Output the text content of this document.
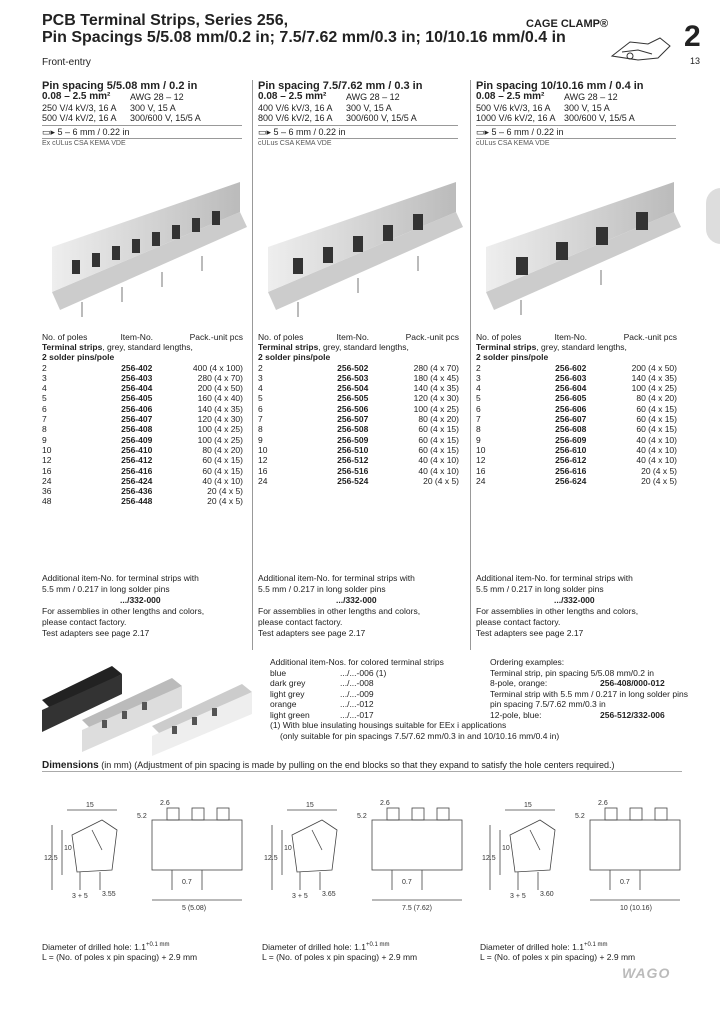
PCB Terminal Strips, Series 256,
Pin Spacings 5/5.08 mm/0.2 in; 7.5/7.62 mm/0.3 in; 10/10.16 mm/0.4 in
Front-entry
CAGE CLAMP®	2
13
Pin spacing 5/5.08 mm / 0.2 in
0.08 – 2.5 mm²	AWG 28 – 12
250 V/4 kV/3, 16 A	300 V, 15 A
500 V/4 kV/2, 16 A	300/600 V, 15/5 A
▭▸ 5 – 6 mm / 0.22 in
Ex cULus CSA KEMA VDE
Pin spacing 7.5/7.62 mm / 0.3 in
0.08 – 2.5 mm²	AWG 28 – 12
400 V/6 kV/3, 16 A	300 V, 15 A
800 V/6 kV/2, 16 A	300/600 V, 15/5 A
▭▸ 5 – 6 mm / 0.22 in
cULus CSA KEMA VDE
Pin spacing 10/10.16 mm / 0.4 in
0.08 – 2.5 mm²	AWG 28 – 12
500 V/6 kV/3, 16 A	300 V, 15 A
1000 V/6 kV/2, 16 A 300/600 V, 15/5 A
▭▸ 5 – 6 mm / 0.22 in
cULus CSA KEMA VDE
No. of poles	Item-No.	Pack.-unit pcs
Terminal strips, grey, standard lengths,		
2 solder pins/pole		
2	256-402	400 (4 x 100)
3	256-403	280 (4 x 70)
4	256-404	200 (4 x 50)
5	256-405	160 (4 x 40)
6	256-406	140 (4 x 35)
7	256-407	120 (4 x 30)
8	256-408	100 (4 x 25)
9	256-409	100 (4 x 25)
10	256-410	80 (4 x 20)
12	256-412	60 (4 x 15)
16	256-416	60 (4 x 15)
24	256-424	40 (4 x 10)
36	256-436	20 (4 x 5)
48	256-448	20 (4 x 5)
No. of poles	Item-No.	Pack.-unit pcs
Terminal strips, grey, standard lengths,		
2 solder pins/pole		
2	256-502	280 (4 x 70)
3	256-503	180 (4 x 45)
4	256-504	140 (4 x 35)
5	256-505	120 (4 x 30)
6	256-506	100 (4 x 25)
7	256-507	80 (4 x 20)
8	256-508	60 (4 x 15)
9	256-509	60 (4 x 15)
10	256-510	60 (4 x 15)
12	256-512	40 (4 x 10)
16	256-516	40 (4 x 10)
24	256-524	20 (4 x 5)
No. of poles	Item-No.	Pack.-unit pcs
Terminal strips, grey, standard lengths,		
2 solder pins/pole		
2	256-602	200 (4 x 50)
3	256-603	140 (4 x 35)
4	256-604	100 (4 x 25)
5	256-605	80 (4 x 20)
6	256-606	60 (4 x 15)
7	256-607	60 (4 x 15)
8	256-608	60 (4 x 15)
9	256-609	40 (4 x 10)
10	256-610	40 (4 x 10)
12	256-612	40 (4 x 10)
16	256-616	20 (4 x 5)
24	256-624	20 (4 x 5)
Additional item-No. for terminal strips with
5.5 mm / 0.217 in long solder pins
.../332-000
For assemblies in other lengths and colors,
please contact factory.
Test adapters see page 2.17
Additional item-No. for terminal strips with
5.5 mm / 0.217 in long solder pins
.../332-000
For assemblies in other lengths and colors,
please contact factory.
Test adapters see page 2.17
Additional item-No. for terminal strips with
5.5 mm / 0.217 in long solder pins
.../332-000
For assemblies in other lengths and colors,
please contact factory.
Test adapters see page 2.17
Additional item-Nos. for colored terminal strips
blue	.../...-006 (1)
dark grey	.../...-008
light grey	.../...-009
orange	.../...-012
light green	.../...-017
Ordering examples:
Terminal strip, pin spacing 5/5.08 mm/0.2 in
8-pole, orange:	256-408/000-012
Terminal strip with 5.5 mm / 0.217 in long solder pins
pin spacing 7.5/7.62 mm/0.3 in
12-pole, blue:	256-512/332-006
(1) With blue insulating housings suitable for EEx i applications
(only suitable for pin spacings 7.5/7.62 mm/0.3 in and 10/10.16 mm/0.4 in)
Dimensions (in mm) (Adjustment of pin spacing is made by pulling on the end blocks so that they expand to satisfy the hole centers required.)
15	2.6
5.2
10
12.5
3.55
0.7
3 + 5
5 (5.08)
Diameter of drilled hole: $1.1^{+0.1 mm}$
L = (No. of poles x pin spacing) + 2.9 mm
15	2.6
5.2
10
12.5
3.65
0.7
3 + 5
7.5 (7.62)
Diameter of drilled hole: $1.1^{+0.1 mm}$
L = (No. of poles x pin spacing) + 2.9 mm
15	2.6
5.2
10
12.5
3.60
0.7
3 + 5
10 (10.16)
Diameter of drilled hole: $1.1^{+0.1 mm}$
L = (No. of poles x pin spacing) + 2.9 mm
WAGO
